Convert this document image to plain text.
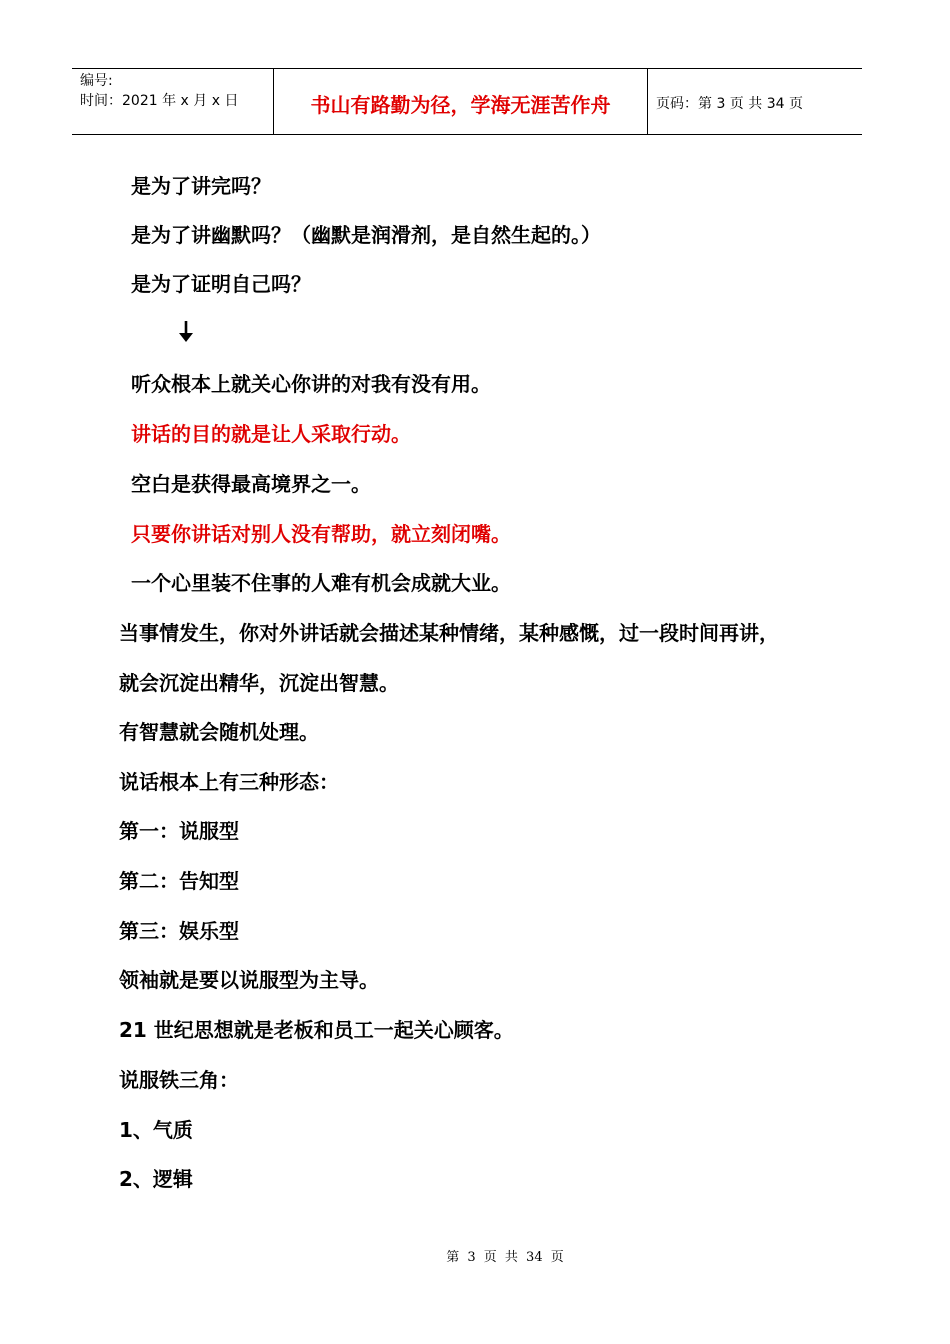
编号:
时间：2021 年 x 月 x 日	书山有路勤为径，学海无涯苦作舟	页码：第 3 页 共 34 页
是为了讲完吗？
是为了讲幽默吗？（幽默是润滑剂，是自然生起的。）
是为了证明自己吗？
听众根本上就关心你讲的对我有没有用。
讲话的目的就是让人采取行动。
空白是获得最高境界之一。
只要你讲话对别人没有帮助，就立刻闭嘴。
一个心里装不住事的人难有机会成就大业。
当事情发生，你对外讲话就会描述某种情绪，某种感慨，过一段时间再讲，
就会沉淀出精华，沉淀出智慧。
有智慧就会随机处理。
说话根本上有三种形态：
第一：说服型
第二：告知型
第三：娱乐型
领袖就是要以说服型为主导。
21 世纪思想就是老板和员工一起关心顾客。
说服铁三角：
1、气质
2、逻辑
第 3 页 共 34 页
